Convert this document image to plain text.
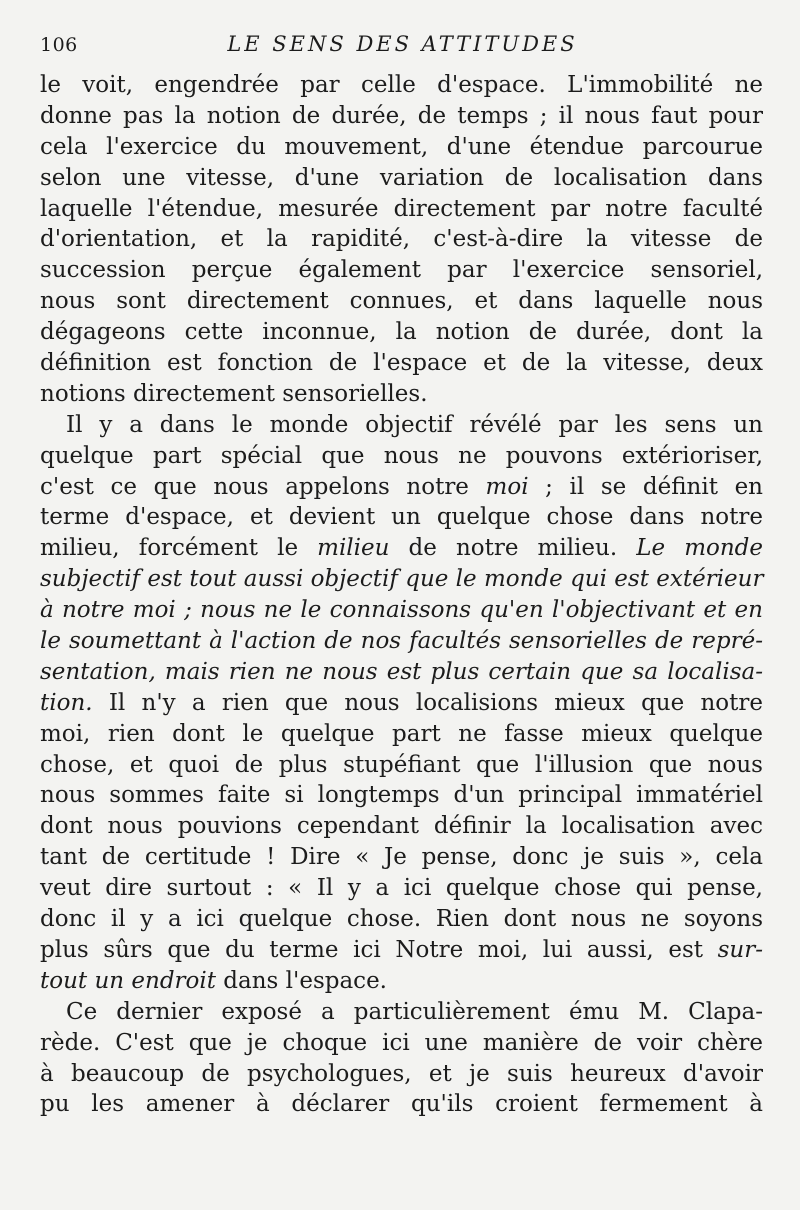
106	LE SENS DES ATTITUDES
le voit, engendrée par celle d'espace. L'immobilité ne
donne pas la notion de durée, de temps ; il nous faut pour
cela l'exercice du mouvement, d'une étendue parcourue
selon une vitesse, d'une variation de localisation dans
laquelle l'étendue, mesurée directement par notre faculté
d'orientation, et la rapidité, c'est-à-dire la vitesse de
succession perçue également par l'exercice sensoriel,
nous sont directement connues, et dans laquelle nous
dégageons cette inconnue, la notion de durée, dont la
définition est fonction de l'espace et de la vitesse, deux
notions directement sensorielles.
Il y a dans le monde objectif révélé par les sens un
quelque part spécial que nous ne pouvons extérioriser,
c'est ce que nous appelons notre moi ; il se définit en
terme d'espace, et devient un quelque chose dans notre
milieu, forcément le milieu de notre milieu. Le monde
subjectif est tout aussi objectif que le monde qui est extérieur
à notre moi ; nous ne le connaissons qu'en l'objectivant et en
le soumettant à l'action de nos facultés sensorielles de repré-
sentation, mais rien ne nous est plus certain que sa localisa-
tion. Il n'y a rien que nous localisions mieux que notre
moi, rien dont le quelque part ne fasse mieux quelque
chose, et quoi de plus stupéfiant que l'illusion que nous
nous sommes faite si longtemps d'un principal immatériel
dont nous pouvions cependant définir la localisation avec
tant de certitude ! Dire « Je pense, donc je suis », cela
veut dire surtout : « Il y a ici quelque chose qui pense,
donc il y a ici quelque chose. Rien dont nous ne soyons
plus sûrs que du terme ici Notre moi, lui aussi, est sur-
tout un endroit dans l'espace.
Ce dernier exposé a particulièrement ému M. Clapa-
rède. C'est que je choque ici une manière de voir chère
à beaucoup de psychologues, et je suis heureux d'avoir
pu les amener à déclarer qu'ils croient fermement à
